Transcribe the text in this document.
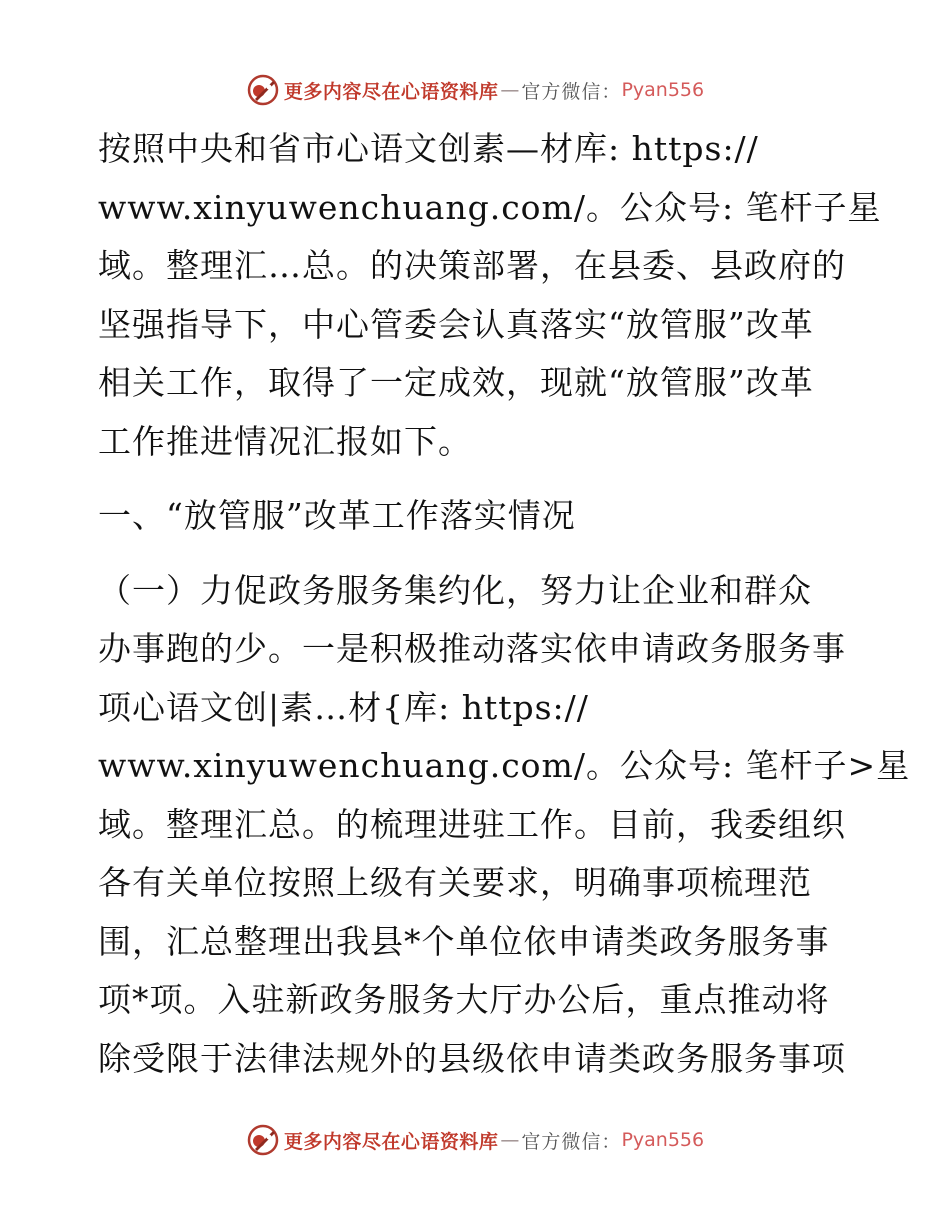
更多内容尽在心语资料库 — 官方微信： Pyan556

按照中央和省市心语文创素—材库: https://

www.xinyuwenchuang.com/。公众号: 笔杆子星

域。整理汇…总。的决策部署，在县委、县政府的

坚强指导下，中心管委会认真落实“放管服”改革

相关工作，取得了一定成效，现就“放管服”改革

工作推进情况汇报如下。

一、“放管服”改革工作落实情况

（一）力促政务服务集约化，努力让企业和群众

办事跑的少。一是积极推动落实依申请政务服务事

项心语文创|素…材{库: https://

www.xinyuwenchuang.com/。公众号: 笔杆子>星

域。整理汇总。的梳理进驻工作。目前，我委组织

各有关单位按照上级有关要求，明确事项梳理范

围，汇总整理出我县*个单位依申请类政务服务事

项*项。入驻新政务服务大厅办公后，重点推动将

除受限于法律法规外的县级依申请类政务服务事项

更多内容尽在心语资料库 — 官方微信： Pyan556
